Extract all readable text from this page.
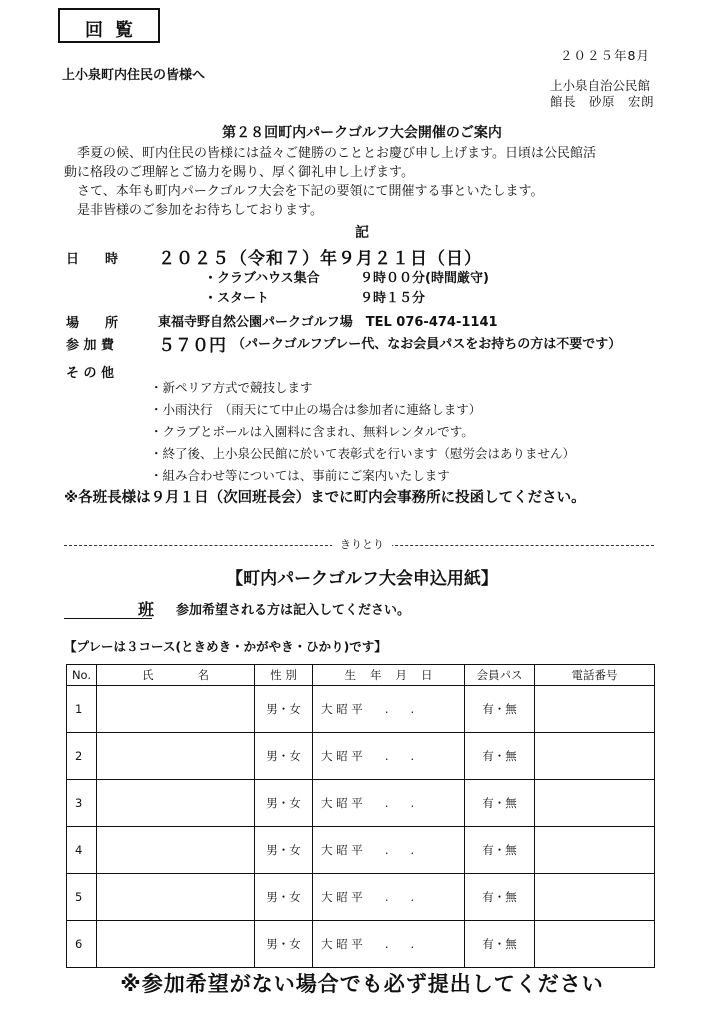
回覧
２０２５年8月
上小泉町内住民の皆様へ
上小泉自治公民館
館長　砂原　宏朗
第２８回町内パークゴルフ大会開催のご案内
　季夏の候、町内住民の皆様には益々ご健勝のこととお慶び申し上げます。日頃は公民館活
動に格段のご理解とご協力を賜り、厚く御礼申し上げます。
　さて、本年も町内パークゴルフ大会を下記の要領にて開催する事といたします。
　是非皆様のご参加をお待ちしております。
記
日　　時 ２０２５（令和７）年９月２１日（日）
・クラブハウス集合	９時００分(時間厳守)
・スタート	９時１５分
場　　所	東福寺野自然公園パークゴルフ場　TEL 076-474-1141
参 加 費	５７０円 （パークゴルフプレー代、なお会員パスをお持ちの方は不要です）
そ の 他
・新ペリア方式で競技します
・小雨決行　（雨天にて中止の場合は参加者に連絡します）
・クラブとボールは入園料に含まれ、無料レンタルです。
・終了後、上小泉公民館に於いて表彰式を行います（慰労会はありません）
・組み合わせ等については、事前にご案内いたします
※各班長様は９月１日（次回班長会）までに町内会事務所に投函してください。
きりとり
【町内パークゴルフ大会申込用紙】
班 参加希望される方は記入してください。
【プレーは３コース(ときめき・かがやき・ひかり)です】
No.	氏名	性 別	生年月日	会員パス	電話番号
1		男・女	大 昭 平 ..	有・無	
2		男・女	大 昭 平 ..	有・無	
3		男・女	大 昭 平 ..	有・無	
4		男・女	大 昭 平 ..	有・無	
5		男・女	大 昭 平 ..	有・無	
6		男・女	大 昭 平 ..	有・無	
※参加希望がない場合でも必ず提出してください
